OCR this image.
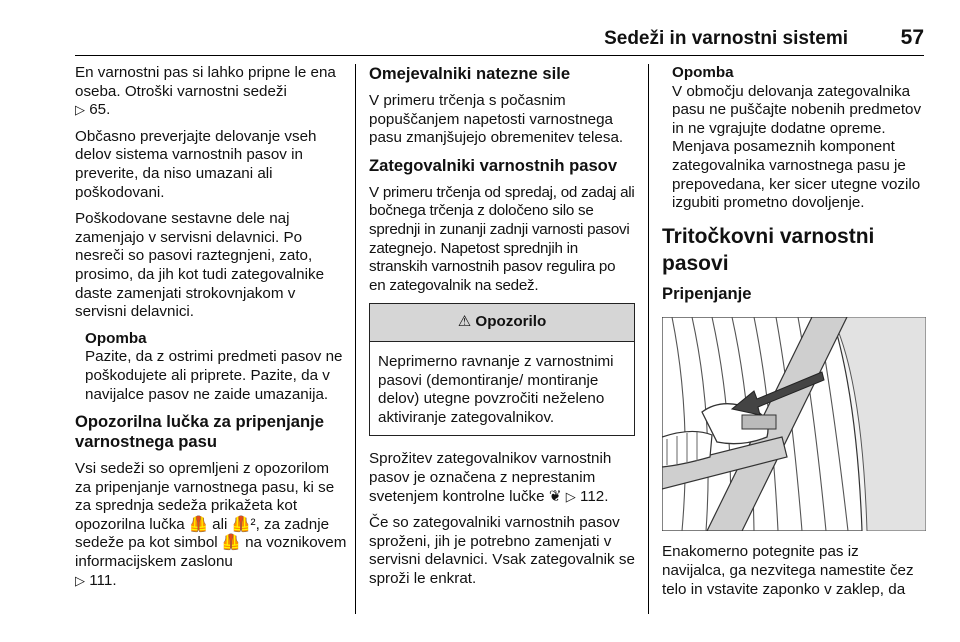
Sedeži in varnostni sistemi	57

En varnostni pas si lahko pripne le ena oseba. Otroški varnostni sedeži
▷ 65.

Občasno preverjajte delovanje vseh delov sistema varnostnih pasov in preverite, da niso umazani ali poškodovani.

Poškodovane sestavne dele naj zamenjajo v servisni delavnici. Po nesreči so pasovi raztegnjeni, zato, prosimo, da jih kot tudi zategovalnike daste zamenjati strokovnjakom v servisni delavnici.

Opomba
Pazite, da z ostrimi predmeti pasov ne poškodujete ali priprete. Pazite, da v navijalce pasov ne zaide umazanija.
Opozorilna lučka za pripenjanje varnostnega pasu

Vsi sedeži so opremljeni z opozorilom za pripenjanje varnostnega pasu, ki se za sprednja sedeža prikažeta kot opozorilna lučka 🦺 ali 🦺², za zadnje sedeže pa kot simbol 🦺 na voznikovem informacijskem zaslonu
▷ 111.

Omejevalniki natezne sile

V primeru trčenja s počasnim popuščanjem napetosti varnostnega pasu zmanjšujejo obremenitev telesa.

Zategovalniki varnostnih pasov

V primeru trčenja od spredaj, od zadaj ali bočnega trčenja z določeno silo se sprednji in zunanji zadnji varnosti pasovi zategnejo. Napetost sprednjih in stranskih varnostnih pasov regulira po en zategovalnik na sedež.

⚠ Opozorilo
Neprimerno ravnanje z varnostnimi pasovi (demontiranje/ montiranje delov) utegne povzročiti neželeno aktiviranje zategovalnikov.

Sprožitev zategovalnikov varnostnih pasov je označena z neprestanim svetenjem kontrolne lučke ❦ ▷ 112.

Če so zategovalniki varnostnih pasov sproženi, jih je potrebno zamenjati v servisni delavnici. Vsak zategovalnik se sproži le enkrat.

Opomba
V območju delovanja zategovalnika pasu ne puščajte nobenih predmetov in ne vgrajujte dodatne opreme. Menjava posameznih komponent zategovalnika varnostnega pasu je prepovedana, ker sicer utegne vozilo izgubiti prometno dovoljenje.
Tritočkovni varnostni pasovi
Pripenjanje

Enakomerno potegnite pas iz navijalca, ga nezvitega namestite čez telo in vstavite zaponko v zaklep, da
